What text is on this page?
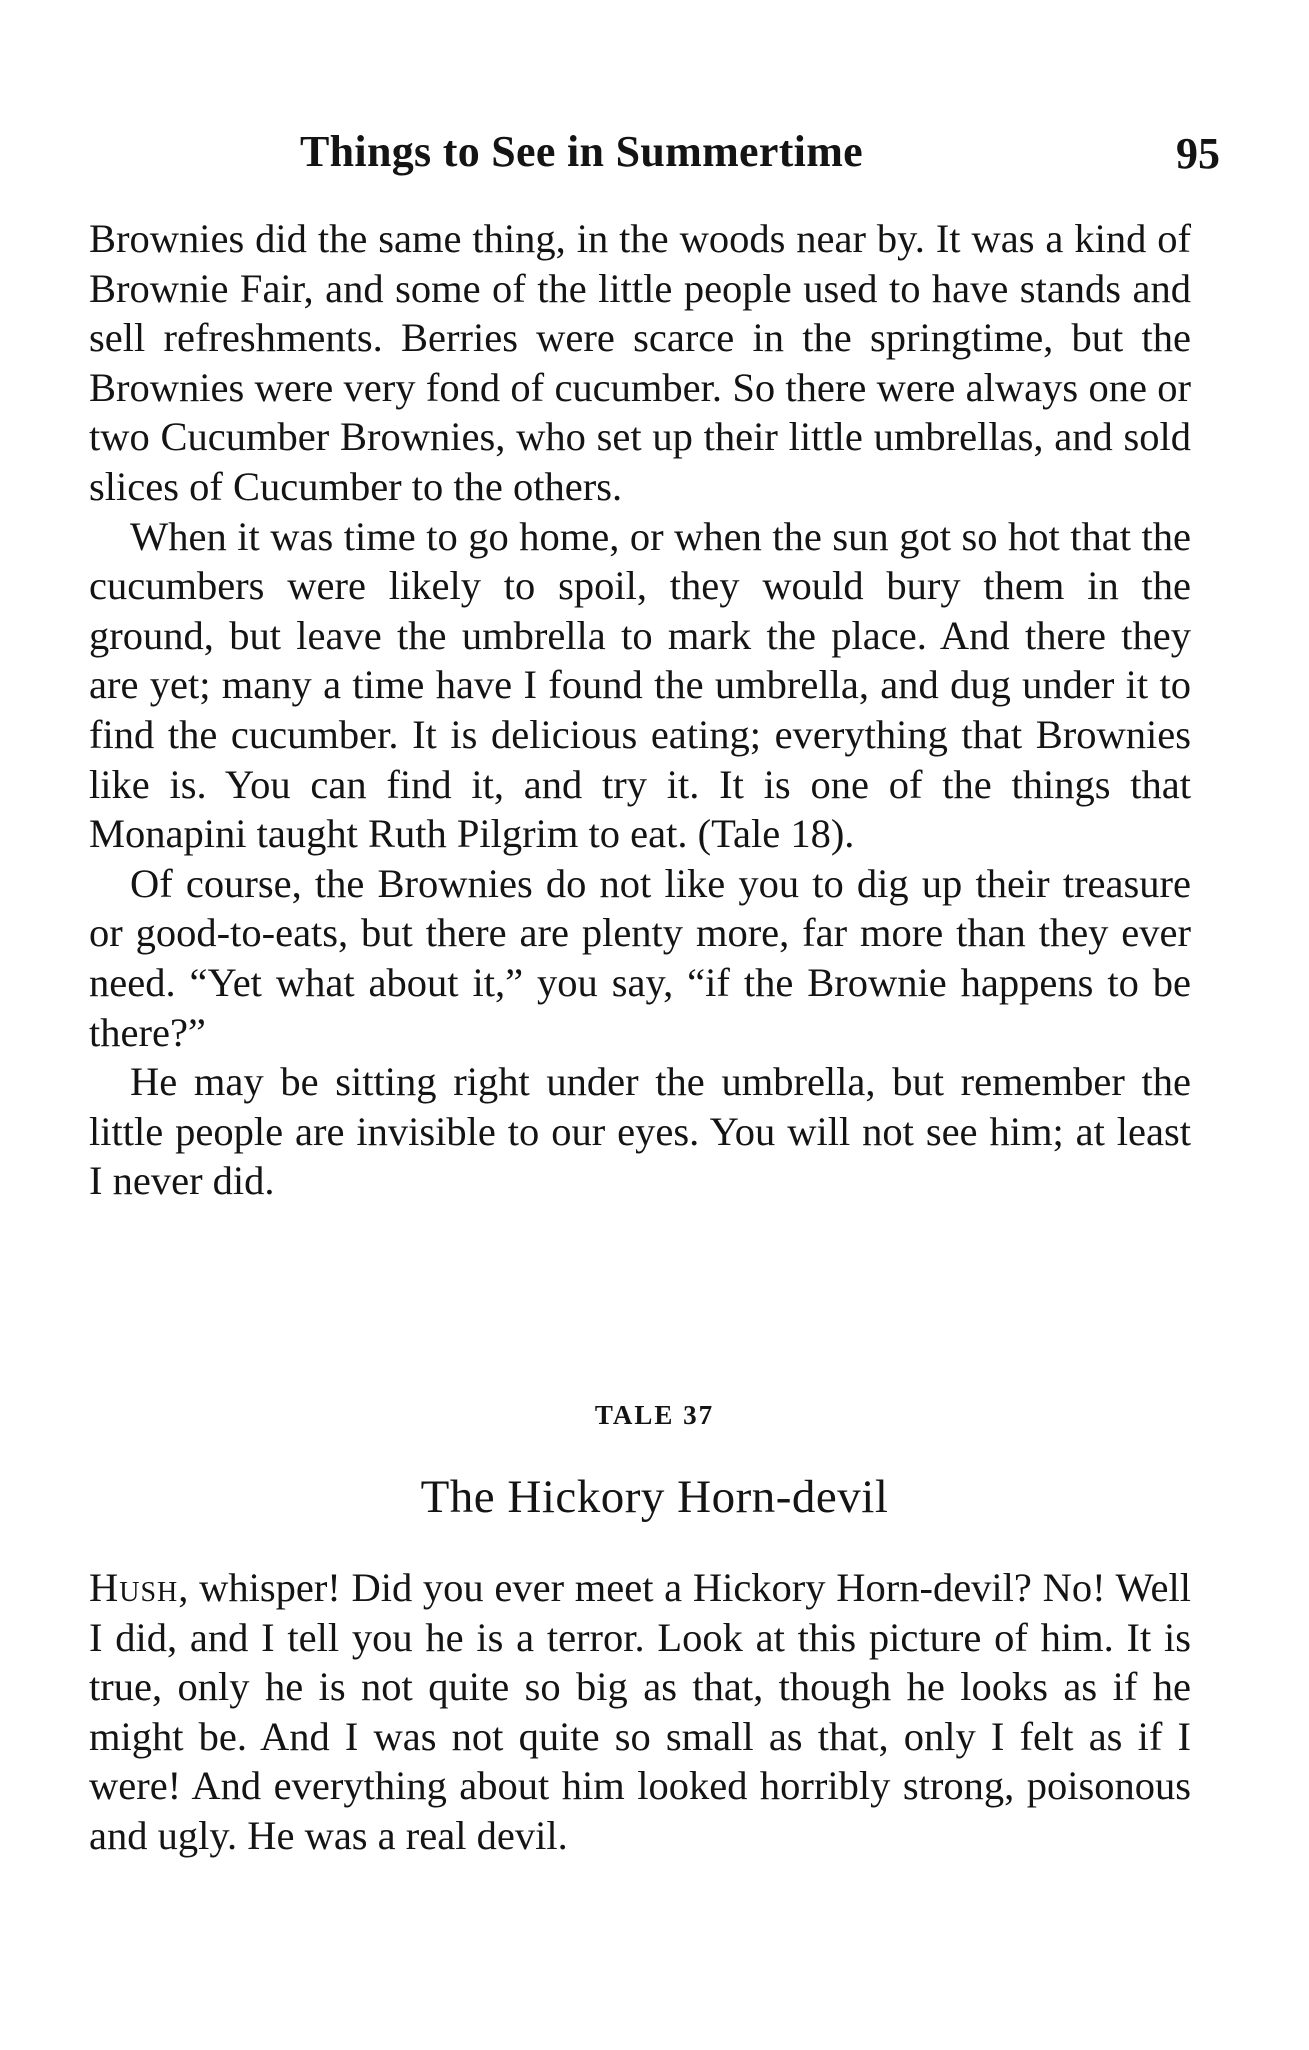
Things to See in Summertime	95

Brownies did the same thing, in the woods near by. It was a kind of Brownie Fair, and some of the little people used to have stands and sell refreshments. Berries were scarce in the springtime, but the Brownies were very fond of cucumber. So there were always one or two Cucumber Brownies, who set up their little umbrellas, and sold slices of Cucumber to the others.

When it was time to go home, or when the sun got so hot that the cucumbers were likely to spoil, they would bury them in the ground, but leave the umbrella to mark the place. And there they are yet; many a time have I found the umbrella, and dug under it to find the cucumber. It is delicious eating; everything that Brownies like is. You can find it, and try it. It is one of the things that Monapini taught Ruth Pilgrim to eat. (Tale 18).

Of course, the Brownies do not like you to dig up their treasure or good-to-eats, but there are plenty more, far more than they ever need. “Yet what about it,” you say, “if the Brownie happens to be there?”

He may be sitting right under the umbrella, but remember the little people are invisible to our eyes. You will not see him; at least I never did.

TALE 37
The Hickory Horn-devil

Hush, whisper! Did you ever meet a Hickory Horn-devil? No! Well I did, and I tell you he is a terror. Look at this picture of him. It is true, only he is not quite so big as that, though he looks as if he might be. And I was not quite so small as that, only I felt as if I were! And everything about him looked horribly strong, poisonous and ugly. He was a real devil.
